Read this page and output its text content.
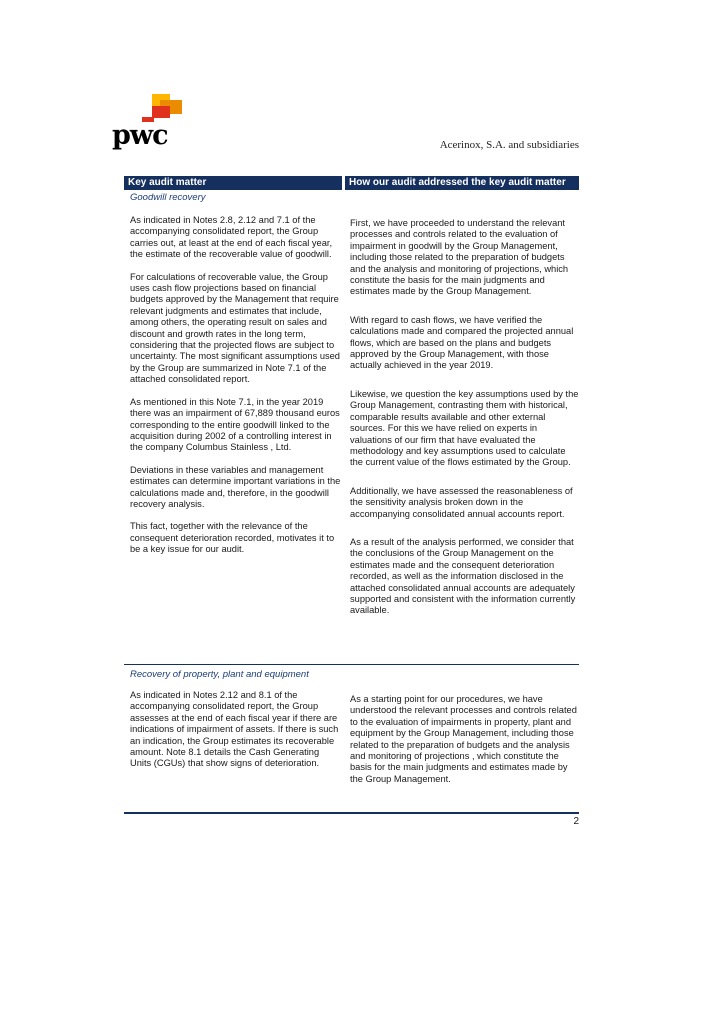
pwc	Acerinox, S.A. and subsidiaries
Key audit matter	How our audit addressed the key audit matter
Goodwill recovery

As indicated in Notes 2.8, 2.12 and 7.1 of the accompanying consolidated report, the Group carries out, at least at the end of each fiscal year, the estimate of the recoverable value of goodwill.

For calculations of recoverable value, the Group uses cash flow projections based on financial budgets approved by the Management that require relevant judgments and estimates that include, among others, the operating result on sales and discount and growth rates in the long term, considering that the projected flows are subject to uncertainty. The most significant assumptions used by the Group are summarized in Note 7.1 of the attached consolidated report.

As mentioned in this Note 7.1, in the year 2019 there was an impairment of 67,889 thousand euros corresponding to the entire goodwill linked to the acquisition during 2002 of a controlling interest in the company Columbus Stainless , Ltd.

Deviations in these variables and management estimates can determine important variations in the calculations made and, therefore, in the goodwill recovery analysis.

This fact, together with the relevance of the consequent deterioration recorded, motivates it to be a key issue for our audit.

First, we have proceeded to understand the relevant processes and controls related to the evaluation of impairment in goodwill by the Group Management, including those related to the preparation of budgets and the analysis and monitoring of projections, which constitute the basis for the main judgments and estimates made by the Group Management.

With regard to cash flows, we have verified the calculations made and compared the projected annual flows, which are based on the plans and budgets approved by the Group Management, with those actually achieved in the year 2019.

Likewise, we question the key assumptions used by the Group Management, contrasting them with historical, comparable results available and other external sources. For this we have relied on experts in valuations of our firm that have evaluated the methodology and key assumptions used to calculate the current value of the flows estimated by the Group.

Additionally, we have assessed the reasonableness of the sensitivity analysis broken down in the accompanying consolidated annual accounts report.

As a result of the analysis performed, we consider that the conclusions of the Group Management on the estimates made and the consequent deterioration recorded, as well as the information disclosed in the attached consolidated annual accounts are adequately supported and consistent with the information currently available.

Recovery of property, plant and equipment

As indicated in Notes 2.12 and 8.1 of the accompanying consolidated report, the Group assesses at the end of each fiscal year if there are indications of impairment of assets. If there is such an indication, the Group estimates its recoverable amount. Note 8.1 details the Cash Generating Units (CGUs) that show signs of deterioration.

As a starting point for our procedures, we have understood the relevant processes and controls related to the evaluation of impairments in property, plant and equipment by the Group Management, including those related to the preparation of budgets and the analysis and monitoring of projections , which constitute the basis for the main judgments and estimates made by the Group Management.

2
